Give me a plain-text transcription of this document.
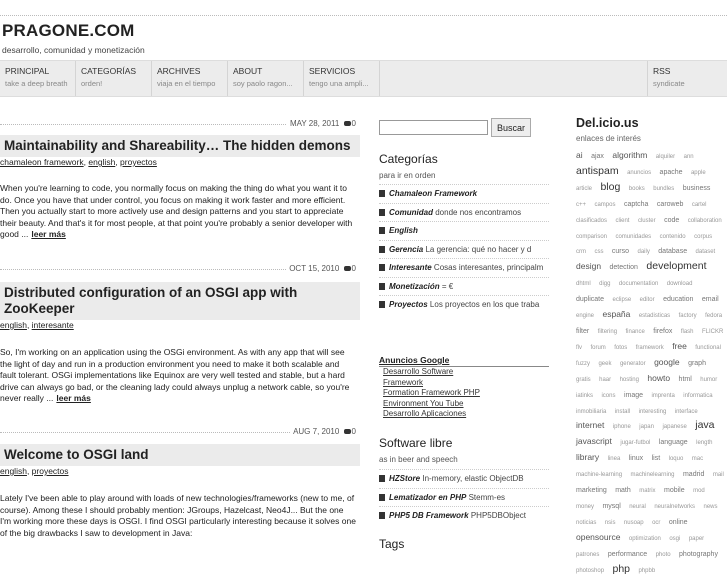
PRAGONE.COM
desarrollo, comunidad y monetización
PRINCIPAL
take a deep breath
CATEGORÍAS
orden!
ARCHIVES
viaja en el tiempo
ABOUT
soy paolo ragon...
SERVICIOS
tengo una ampli...
RSS
syndicate
MAY 28, 2011 0
Maintainability and Shareability… The hidden demons
chamaleon framework, english, proyectos
When you're learning to code, you normally focus on making the thing do what you want it to do. Once you have that under control, you focus on making it work faster and more efficient. Then you actually start to more actively use and design patterns and you start to appreciate their beauty. And that's it for most people, at that point you're probably a senior developer with good ... leer más
OCT 15, 2010 0
Distributed configuration of an OSGI app with ZooKeeper
english, interesante
So, I'm working on an application using the OSGi environment. As with any app that will see the light of day and run in a production environment you need to make it both scalable and fault tolerant. OSGi implementations like Equinox are very well tested and stable, but a hard drive can always go bad, or the cleaning lady could always unplug a network cable, so you're never really ... leer más
AUG 7, 2010 0
Welcome to OSGI land
english, proyectos
Lately I've been able to play around with loads of new technologies/frameworks (new to me, of course). Among these I should probably mention: JGroups, Hazelcast, Neo4J... But the one I'm working more these days is OSGI. I find OSGI particularly interesting because it solves one of the big drawbacks I saw to development in Java:
Buscar
Categorías
para ir en orden
Chamaleon Framework
Comunidad donde nos encontramos
English
Gerencia La gerencia: qué no hacer y d
Interesante Cosas interesantes, principalm
Monetización = €
Proyectos Los proyectos en los que traba
Anuncios Google
Desarrollo Software
Framework
Formation Framework PHP
Environment You Tube
Desarrollo Aplicaciones
Software libre
as in beer and speech
HZStore In-memory, elastic ObjectDB
Lematizador en PHP Stemm-es
PHP5 DB Framework PHP5DBObject
Tags
Del.icio.us
enlaces de interés
ai ajax algorithm alquiler ann antispam anuncios apache apple article blog books bundles business c++ campos captcha caroweb cartel clasificados client cluster code collaboration comparison comunidades contenido corpus crm css curso daily database dataset design detection development dhtml digg documentation download duplicate eclipse editor education email engine españa estadisticas factory fedora filter filtering finance firefox flash FLICKR flv forum fotos framework free functional fuzzy geek generator google graph gratis haar hosting howto html humor iatinks icons image imprenta informatica inmobiliaria install interesting interface internet iphone japan japanese java javascript jugar-futbol language length library linea linux list loquo mac machine-learning machinelearning madrid mail marketing math matrix mobile mod money mysql neural neuralnetworks news noticias nsis nusoap ocr online opensource optimization osgi paper patrones performance photo photography photoshop php phpbb
